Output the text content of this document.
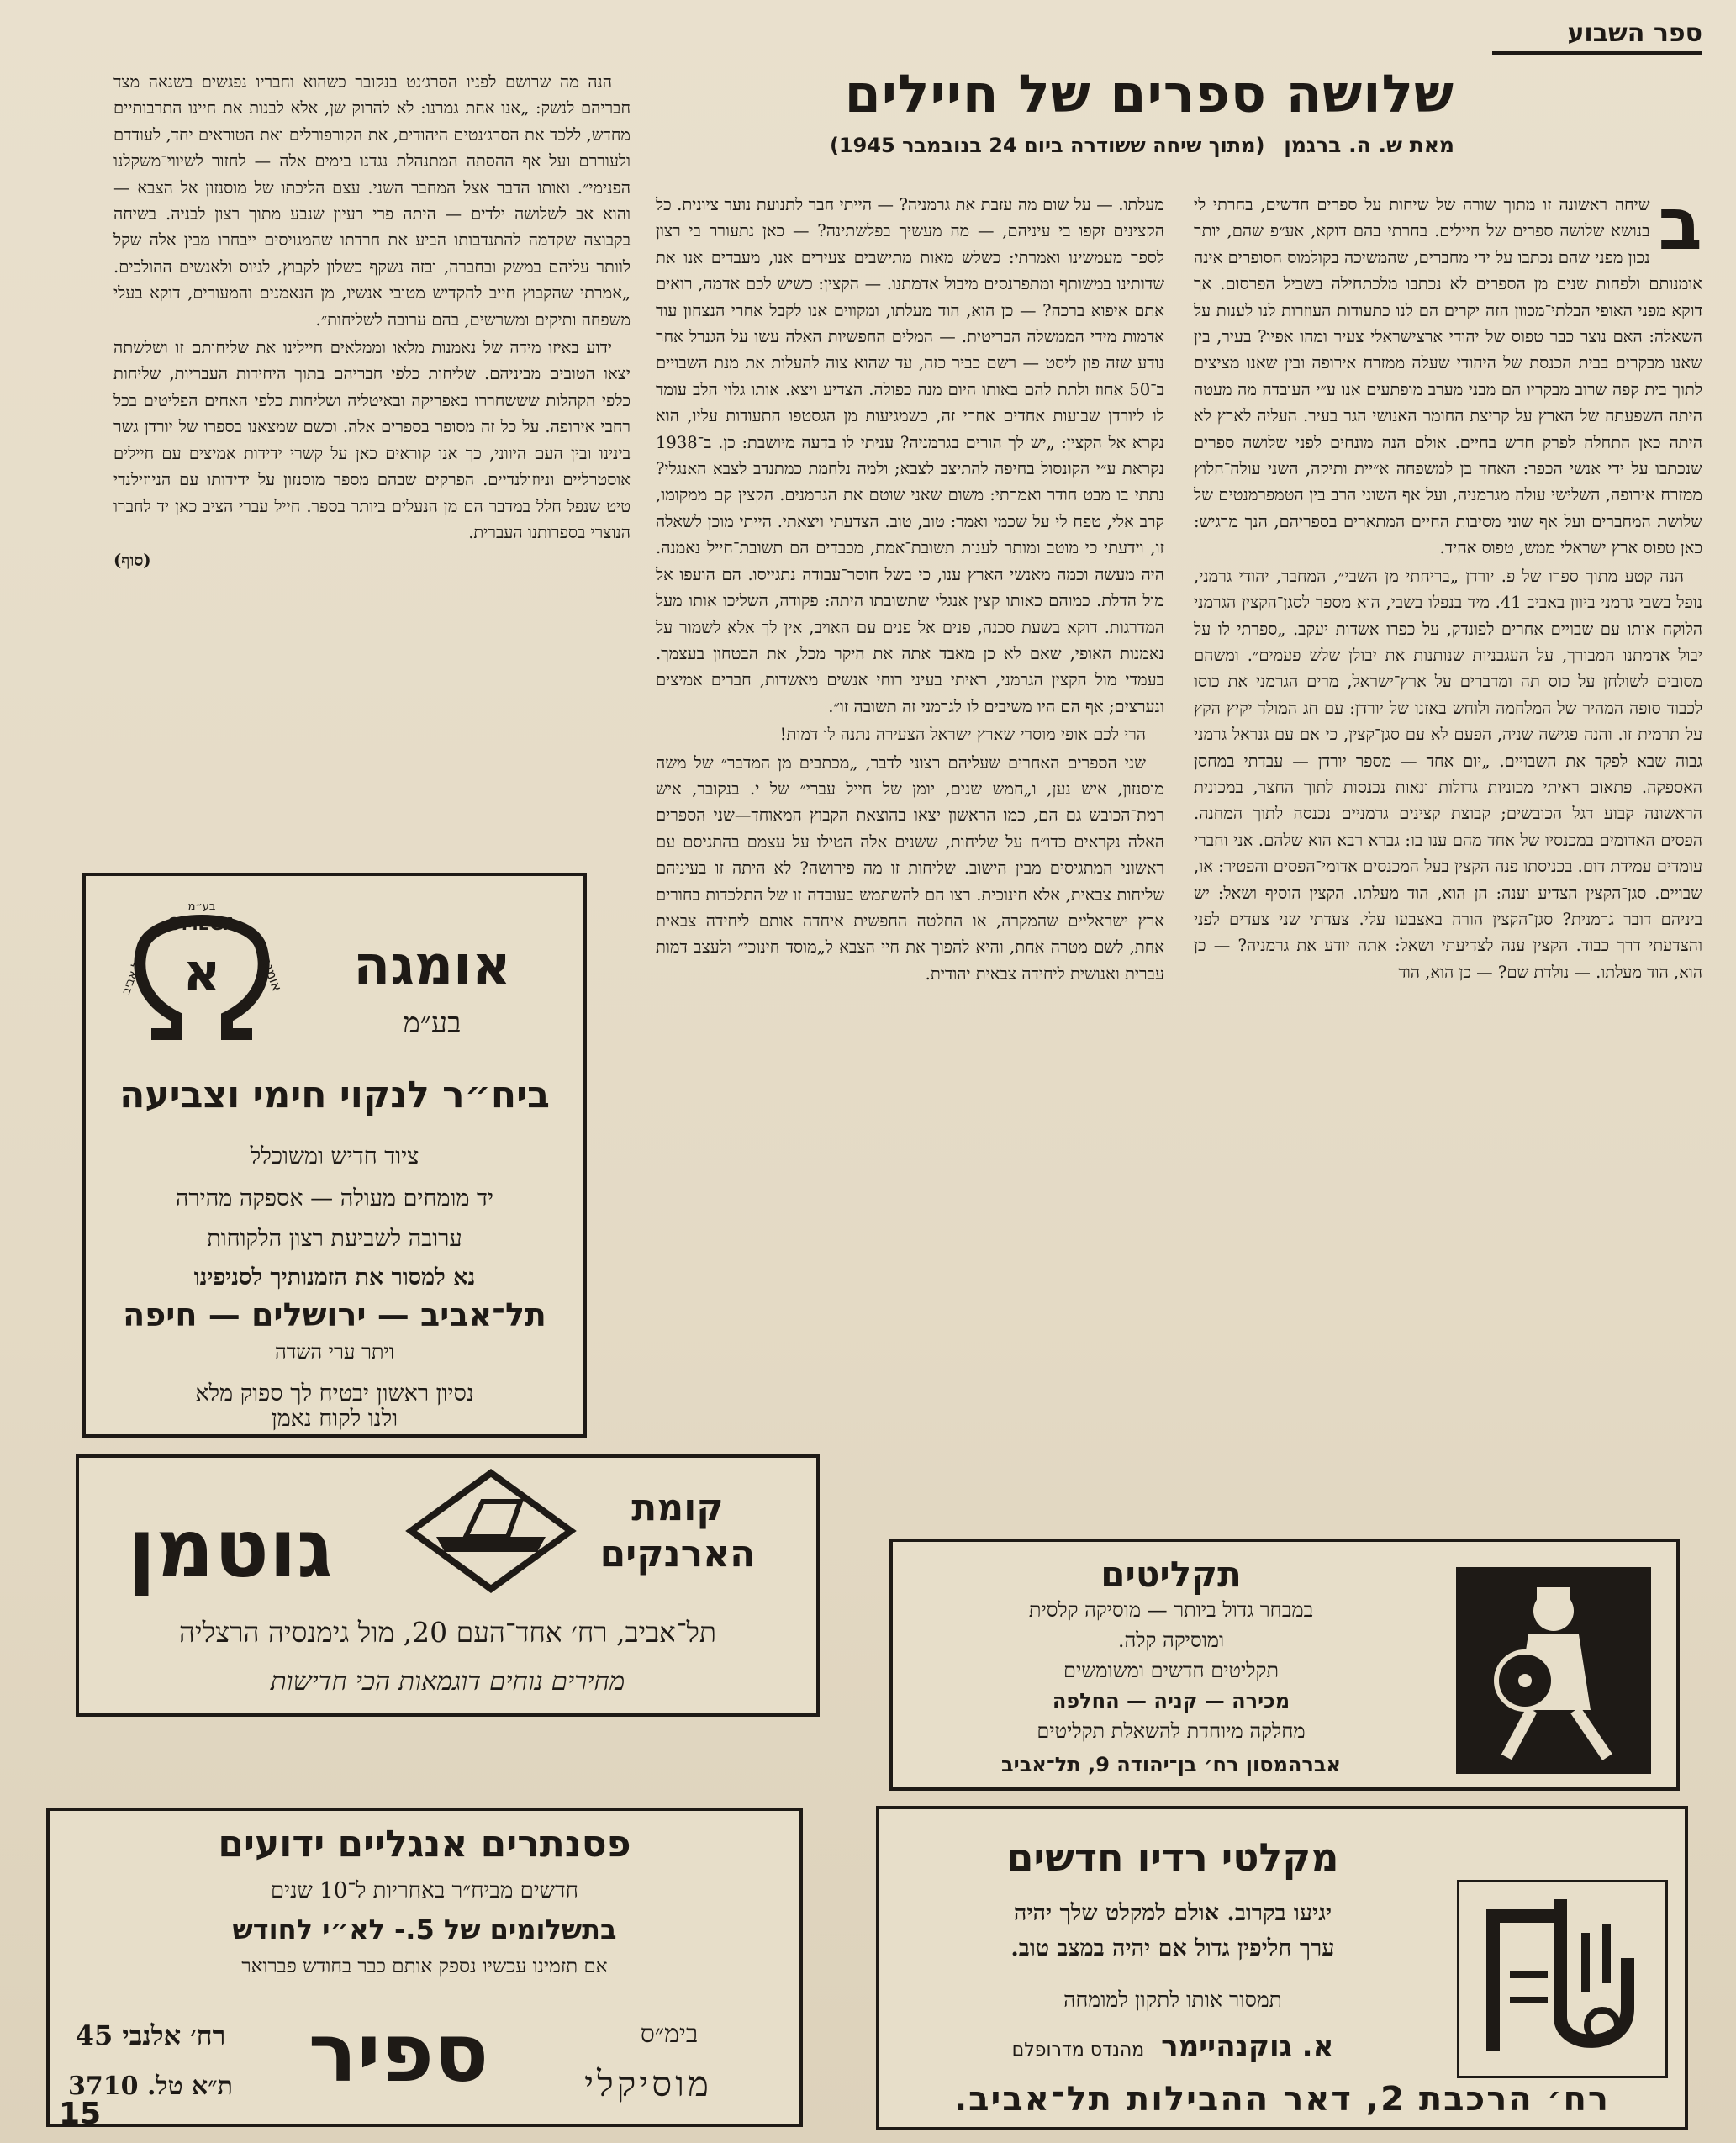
ספר השבוע
שלושה ספרים של חיילים
מאת ש. ה. ברגמן (מתוך שיחה ששודרה ביום 24 בנובמבר 1945)

ב
שיחה ראשונה זו מתוך שורה של שיחות על ספרים חדשים, בחרתי לי בנושא שלושה ספרים של חיילים. בחרתי בהם דוקא, אע״פ שהם, יותר נכון מפני שהם נכתבו על ידי מחברים, שהמשיכה בקולמוס הסופרים אינה אומנותם ולפחות שנים מן הספרים לא נכתבו מלכתחילה בשביל הפרסום. אך דוקא מפני האופי הבלתי־מכוון הזה יקרים הם לנו כתעודות העוזרות לנו לענות על השאלה: האם נוצר כבר טפוס של יהודי ארצישראלי צעיר ומהו אפיו? בעיר, בין שאנו מבקרים בבית הכנסת של היהודי שעלה ממזרח אירופה ובין שאנו מציצים לתוך בית קפה שרוב מבקריו הם מבני מערב מופתעים אנו ע״י העובדה מה מעטה היתה השפעתה של הארץ על קריצת החומר האנושי הגר בעיר. העליה לארץ לא היתה כאן התחלה לפרק חדש בחיים. אולם הנה מונחים לפני שלושה ספרים שנכתבו על ידי אנשי הכפר: האחד בן למשפחה א״יית ותיקה, השני עולה־חלוץ ממזרח אירופה, השלישי עולה מגרמניה, ועל אף השוני הרב בין הטמפרמנטים של שלושת המחברים ועל אף שוני מסיבות החיים המתארים בספריהם, הנך מרגיש: כאן טפוס ארץ ישראלי ממש, טפוס אחיד.

הנה קטע מתוך ספרו של פ. יורדן „בריחתי מן השבי״, המחבר, יהודי גרמני, נופל בשבי גרמני ביוון באביב 41. מיד בנפלו בשבי, הוא מספר לסגן־הקצין הגרמני הלוקח אותו עם שבויים אחרים לפונדק, על כפרו אשדות יעקב. „ספרתי לו על יבול אדמתנו המבורך, על העגבניות שנותנות את יבולן שלש פעמים״. ומשהם מסובים לשולחן על כוס תה ומדברים על ארץ־ישראל, מרים הגרמני את כוסו לכבוד סופה המהיר של המלחמה ולוחש באזנו של יורדן: עם חג המולד יקיץ הקץ על תרמית זו. והנה פגישה שניה, הפעם לא עם סגן־קצין, כי אם עם גנראל גרמני גבוה שבא לפקד את השבויים. „יום אחד — מספר יורדן — עבדתי במחסן האספקה. פתאום ראיתי מכוניות גדולות ונאות נכנסות לתוך החצר, במכונית הראשונה קבוע דגל הכובשים; קבוצת קצינים גרמניים נכנסה לתוך המחנה. הפסים האדומים במכנסיו של אחד מהם ענו בו: גברא רבא הוא שלהם. אני וחברי עומדים עמידת דום. בכניסתו פנה הקצין בעל המכנסים אדומי־הפסים והפטיר: או, שבויים. סגן־הקצין הצדיע וענה: הן הוא, הוד מעלתו. הקצין הוסיף ושאל: יש ביניהם דובר גרמנית? סגן־הקצין הורה באצבעו עלי. צעדתי שני צעדים לפני והצדעתי דרך כבוד. הקצין ענה לצדיעתי ושאל: אתה יודע את גרמניה? — כן הוא, הוד מעלתו. — נולדת שם? — כן הוא, הוד

מעלתו. — על שום מה עזבת את גרמניה? — הייתי חבר לתנועת נוער ציונית. כל הקצינים זקפו בי עיניהם, — מה מעשיך בפלשתינה? — כאן נתעורר בי רצון לספר מעמשינו ואמרתי: כשלש מאות מתישבים צעירים אנו, מעבדים אנו את שדותינו במשותף ומתפרנסים מיבול אדמתנו. — הקצין: כשיש לכם אדמה, רואים אתם איפוא ברכה? — כן הוא, הוד מעלתו, ומקווים אנו לקבל אחרי הנצחון עוד אדמות מידי הממשלה הבריטית. — המלים החפשיות האלה עשו על הגנרל אחר נודע שזה פון ליסט — רשם כביר כזה, עד שהוא צוה להעלות את מנת השבויים ב־50 אחוז ולתת להם באותו היום מנה כפולה. הצדיע ויצא. אותו גלוי הלב עומד לו ליורדן שבועות אחדים אחרי זה, כשמגיעות מן הגסטפו התעודות עליו, הוא נקרא אל הקצין: „יש לך הורים בגרמניה? עניתי לו בדעה מיושבת: כן. ב־1938 נקראת ע״י הקונסול בחיפה להתיצב לצבא; ולמה נלחמת כמתנדב לצבא האנגלי? נתתי בו מבט חודר ואמרתי: משום שאני שוטם את הגרמנים. הקצין קם ממקומו, קרב אלי, טפח לי על שכמי ואמר: טוב, טוב. הצדעתי ויצאתי. הייתי מוכן לשאלה זו, וידעתי כי מוטב ומותר לענות תשובת־אמת, מכבדים הם תשובת־חייל נאמנה. היה מעשה וכמה מאנשי הארץ ענו, כי בשל חוסר־עבודה נתגייסו. הם הועפו אל מול הדלת. כמוהם כאותו קצין אנגלי שתשובתו היתה: פקודה, השליכו אותו מעל המדרגות. דוקא בשעת סכנה, פנים אל פנים עם האויב, אין לך אלא לשמור על נאמנות האופי, שאם לא כן מאבד אתה את היקר מכל, את הבטחון בעצמך. בעמדי מול הקצין הגרמני, ראיתי בעיני רוחי אנשים מאשדות, חברים אמיצים ונערצים; אף הם היו משיבים לו לגרמני זה תשובה זו״.

הרי לכם אופי מוסרי שארץ ישראל הצעירה נתנה לו דמות!

שני הספרים האחרים שעליהם רצוני לדבר, „מכתבים מן המדבר״ של משה מוסנזון, איש נען, ו„חמש שנים, יומן של חייל עברי״ של י. בנקובר, איש רמת־הכובש גם הם, כמו הראשון יצאו בהוצאת הקבוץ המאוחד—שני הספרים האלה נקראים כדו״ח על שליחות, ששנים אלה הטילו על עצמם בהתגיסם עם ראשוני המתגיסים מבין הישוב. שליחות זו מה פירושה? לא היתה זו בעיניהם שליחות צבאית, אלא חינוכית. רצו הם להשתמש בעובדה זו של התלכדות בחורים ארץ ישראליים שהמקרה, או החלטה החפשית איחדה אותם ליחידה צבאית אחת, לשם מטרה אחת, והיא להפוך את חיי הצבא ל„מוסד חינוכי״ ולעצב דמות עברית ואנושית ליחידה צבאית יהודית.

הנה מה שרושם לפניו הסרג׳נט בנקובר כשהוא וחבריו נפגשים בשנאה מצד חבריהם לנשק: „אנו אחת גמרנו: לא להרוק שן, אלא לבנות את חיינו התרבותיים מחדש, ללכד את הסרג׳נטים היהודים, את הקורפורלים ואת הטוראים יחד, לעודדם ולעוררם ועל אף ההסתה המתנהלת נגדנו בימים אלה — לחזור לשיווי־משקלנו הפנימי״. ואותו הדבר אצל המחבר השני. עצם הליכתו של מוסנזון אל הצבא — והוא אב לשלושה ילדים — היתה פרי רעיון שנבע מתוך רצון לבניה. בשיחה בקבוצה שקדמה להתנדבותו הביע את חרדתו שהמגויסים ייבחרו מבין אלה שקל לוותר עליהם במשק ובחברה, ובזה נשקף כשלון לקבוץ, לגיוס ולאנשים ההולכים. „אמרתי שהקבוץ חייב להקדיש מטובי אנשיו, מן הנאמנים והמעורים, דוקא בעלי משפחה ותיקים ומשרשים, בהם ערובה לשליחות״.

ידוע באיזו מידה של נאמנות מלאו וממלאים חיילינו את שליחותם זו ושלשתה יצאו הטובים מביניהם. שליחות כלפי חבריהם בתוך היחידות העבריות, שליחות כלפי הקהלות שששחררו באפריקה ובאיטליה ושליחות כלפי האחים הפליטים בכל רחבי אירופה. על כל זה מסופר בספרים אלה. וכשם שמצאנו בספרו של יורדן גשר בינינו ובין העם היווני, כך אנו קוראים כאן על קשרי ידידות אמיצים עם חיילים אוסטרליים וניוזולנדיים. הפרקים שבהם מספר מוסנזון על ידידותו עם הניוזילנדי טיט שנפל חלל במדבר הם מן הנעלים ביותר בספר. חייל עברי הציב כאן יד לחברו הנוצרי בספרותנו העברית.

(סוף)
אומגה
בע״מ
א
OMEGA
אומגה
בע״מ
תל אביב
ביח״ר לנקוי חימי וצביעה
ציוד חדיש ומשוכלל
יד מומחים מעולה — אספקה מהירה
ערובה לשביעת רצון הלקוחות
נא למסור את הזמנותיך לסניפינו
תל־אביב — ירושלים — חיפה
ויתר ערי השדה
נסיון ראשון יבטיח לך ספוק מלא
ולנו לקוח נאמן
גוטמן	קומת
הארנקים
תל־אביב, רח׳ אחד־העם 20, מול גימנסיה הרצליה
מחירים נוחים דוגמאות הכי חדישות
תקליטים
במבחר גדול ביותר — מוסיקה קלסית
ומוסיקה קלה.
תקליטים חדשים ומשומשים
מכירה — קניה — החלפה
מחלקה מיוחדת להשאלת תקליטים
אברהמסון רח׳ בן־יהודה 9, תל־אביב
פסנתרים אנגליים ידועים
חדשים מביח״ר באחריות ל־10 שנים
בתשלומים של 5.- לא״י לחודש
אם תזמינו עכשיו נספק אותם כבר בחודש פברואר
בימ״ס
מוסיקלי
ספיר
רח׳ אלנבי 45
ת״א טל. 3710
מקלטי רדיו חדשים
יגיעו בקרוב. אולם למקלט שלך יהיה
ערך חליפין גדול אם יהיה במצב טוב.
תמסור אותו לתקון למומחה
א. גוקנהיימר מהנדס מדרופלם
רח׳ הרכבת 2, דאר ההבילות תל־אביב.
15
